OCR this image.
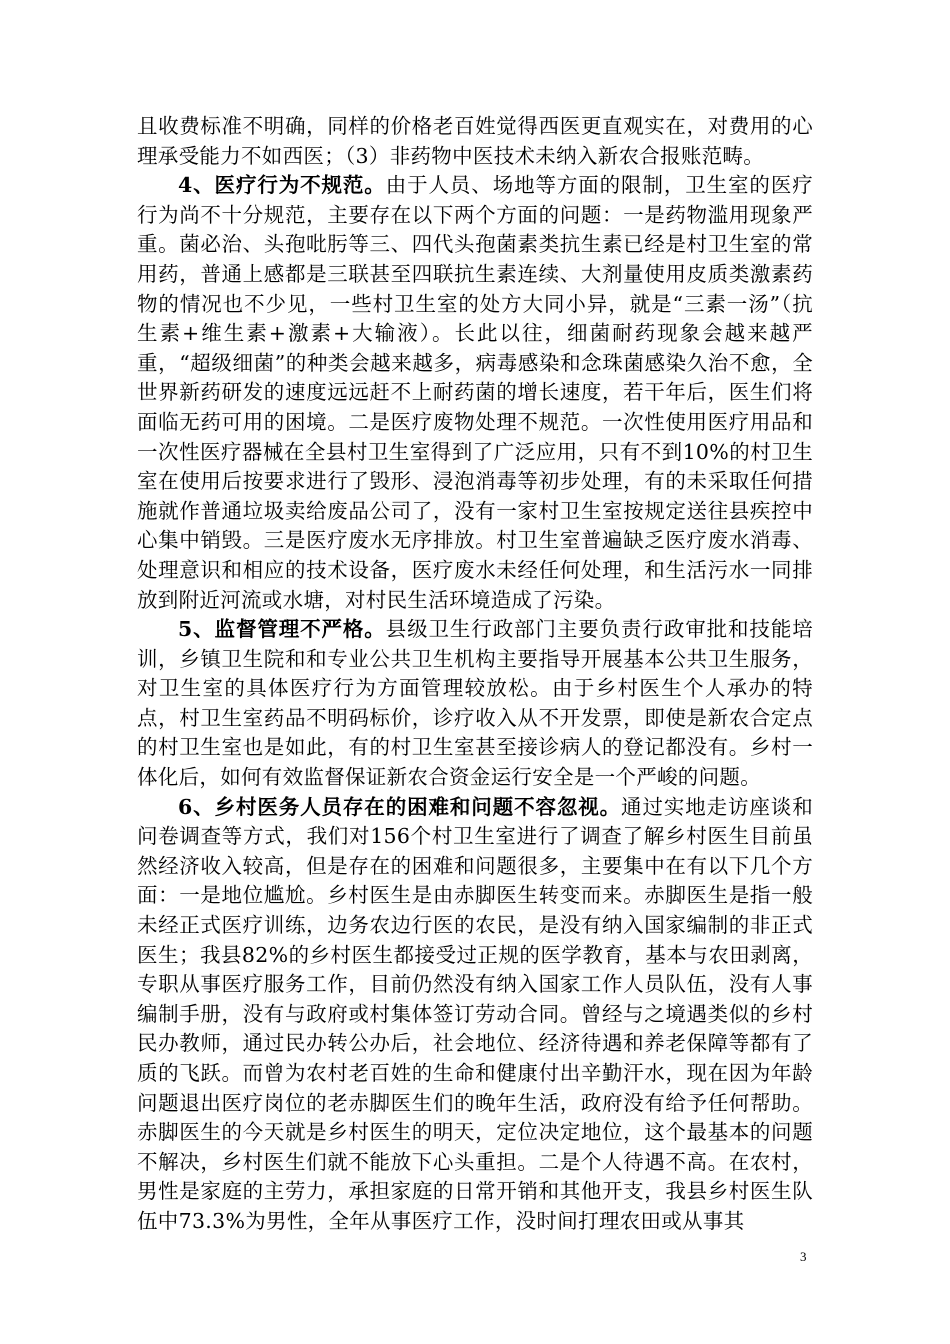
且收费标准不明确，同样的价格老百姓觉得西医更直观实在，对费用的心理承受能力不如西医；（3）非药物中医技术未纳入新农合报账范畴。

4、医疗行为不规范。由于人员、场地等方面的限制，卫生室的医疗行为尚不十分规范，主要存在以下两个方面的问题：一是药物滥用现象严重。菌必治、头孢吡肟等三、四代头孢菌素类抗生素已经是村卫生室的常用药，普通上感都是三联甚至四联抗生素连续、大剂量使用皮质类激素药物的情况也不少见，一些村卫生室的处方大同小异，就是“三素一汤”（抗生素+维生素+激素+大输液）。长此以往，细菌耐药现象会越来越严重，“超级细菌”的种类会越来越多，病毒感染和念珠菌感染久治不愈，全世界新药研发的速度远远赶不上耐药菌的增长速度，若干年后，医生们将面临无药可用的困境。二是医疗废物处理不规范。一次性使用医疗用品和一次性医疗器械在全县村卫生室得到了广泛应用，只有不到10%的村卫生室在使用后按要求进行了毁形、浸泡消毒等初步处理，有的未采取任何措施就作普通垃圾卖给废品公司了，没有一家村卫生室按规定送往县疾控中心集中销毁。三是医疗废水无序排放。村卫生室普遍缺乏医疗废水消毒、处理意识和相应的技术设备，医疗废水未经任何处理，和生活污水一同排放到附近河流或水塘，对村民生活环境造成了污染。

5、监督管理不严格。县级卫生行政部门主要负责行政审批和技能培训，乡镇卫生院和和专业公共卫生机构主要指导开展基本公共卫生服务，对卫生室的具体医疗行为方面管理较放松。由于乡村医生个人承办的特点，村卫生室药品不明码标价，诊疗收入从不开发票，即使是新农合定点的村卫生室也是如此，有的村卫生室甚至接诊病人的登记都没有。乡村一体化后，如何有效监督保证新农合资金运行安全是一个严峻的问题。

6、乡村医务人员存在的困难和问题不容忽视。通过实地走访座谈和问卷调查等方式，我们对156个村卫生室进行了调查了解乡村医生目前虽然经济收入较高，但是存在的困难和问题很多，主要集中在有以下几个方面：一是地位尴尬。乡村医生是由赤脚医生转变而来。赤脚医生是指一般未经正式医疗训练，边务农边行医的农民，是没有纳入国家编制的非正式医生；我县82%的乡村医生都接受过正规的医学教育，基本与农田剥离，专职从事医疗服务工作，目前仍然没有纳入国家工作人员队伍，没有人事编制手册，没有与政府或村集体签订劳动合同。曾经与之境遇类似的乡村民办教师，通过民办转公办后，社会地位、经济待遇和养老保障等都有了质的飞跃。而曾为农村老百姓的生命和健康付出辛勤汗水，现在因为年龄问题退出医疗岗位的老赤脚医生们的晚年生活，政府没有给予任何帮助。赤脚医生的今天就是乡村医生的明天，定位决定地位，这个最基本的问题不解决，乡村医生们就不能放下心头重担。二是个人待遇不高。在农村，男性是家庭的主劳力，承担家庭的日常开销和其他开支，我县乡村医生队伍中73.3%为男性，全年从事医疗工作，没时间打理农田或从事其

3
